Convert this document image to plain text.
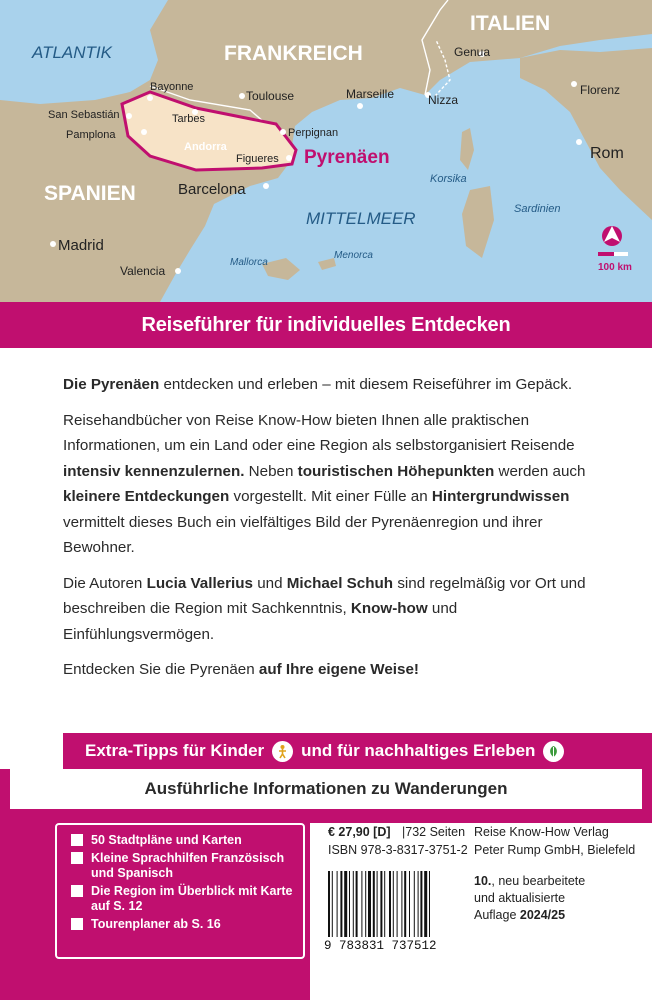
FRANKREICH
ITALIEN
SPANIEN
ATLANTIK
MITTELMEER
Korsika
Sardinien
Mallorca
Menorca
Genua
Florenz
Rom
Nizza
Marseille
Toulouse
Bayonne
San Sebastián
Pamplona
Tarbes
Andorra
Perpignan
Figueres
Barcelona
Madrid
Valencia
Pyrenäen
100 km
Reiseführer für individuelles Entdecken

Die Pyrenäen entdecken und erleben – mit diesem Reiseführer im Gepäck.

Reisehandbücher von Reise Know-How bieten Ihnen alle praktischen Informationen, um ein Land oder eine Region als selbstorganisiert Reisende intensiv kennenzulernen. Neben touristischen Höhepunkten werden auch kleinere Entdeckungen vorgestellt. Mit einer Fülle an Hintergrundwissen vermittelt dieses Buch ein vielfältiges Bild der Pyrenäenregion und ihrer Bewohner.

Die Autoren Lucia Vallerius und Michael Schuh sind regelmäßig vor Ort und beschreiben die Region mit Sachkenntnis, Know-how und Einfühlungsvermögen.

Entdecken Sie die Pyrenäen auf Ihre eigene Weise!

Extra-Tipps für Kinder und für nachhaltiges Erleben
Ausführliche Informationen zu Wanderungen
50 Stadtpläne und Karten
Kleine Sprachhilfen Französisch und Spanisch
Die Region im Überblick mit Karte auf S. 12
Tourenplaner ab S. 16
€ 27,90 [D] |732 Seiten
ISBN 978-3-8317-3751-2
Reise Know-How Verlag
Peter Rump GmbH, Bielefeld
10., neu bearbeitete
und aktualisierte
Auflage 2024/25
9 783831 737512
